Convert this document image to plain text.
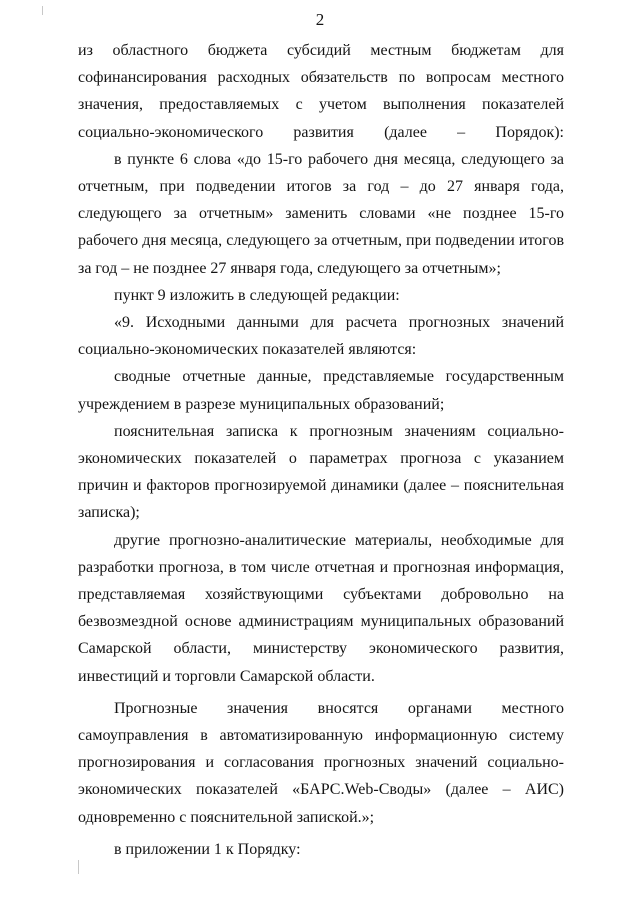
2

из областного бюджета субсидий местным бюджетам для софинансирования расходных обязательств по вопросам местного значения, предоставляемых с учетом выполнения показателей социально-экономического развития (далее – Порядок):

в пункте 6 слова «до 15-го рабочего дня месяца, следующего за отчетным, при подведении итогов за год – до 27 января года, следующего за отчетным» заменить словами «не позднее 15-го рабочего дня месяца, следующего за отчетным, при подведении итогов за год – не позднее 27 января года, следующего за отчетным»;

пункт 9 изложить в следующей редакции:

«9. Исходными данными для расчета прогнозных значений социально-экономических показателей являются:

сводные отчетные данные, представляемые государственным учреждением в разрезе муниципальных образований;

пояснительная записка к прогнозным значениям социально-экономических показателей о параметрах прогноза с указанием причин и факторов прогнозируемой динамики (далее – пояснительная записка);

другие прогнозно-аналитические материалы, необходимые для разработки прогноза, в том числе отчетная и прогнозная информация, представляемая хозяйствующими субъектами добровольно на безвозмездной основе администрациям муниципальных образований Самарской области, министерству экономического развития, инвестиций и торговли Самарской области.

Прогнозные значения вносятся органами местного самоуправления в автоматизированную информационную систему прогнозирования и согласования прогнозных значений социально-экономических показателей «БАРС.Web-Своды» (далее – АИС) одновременно с пояснительной запиской.»;

в приложении 1 к Порядку:
